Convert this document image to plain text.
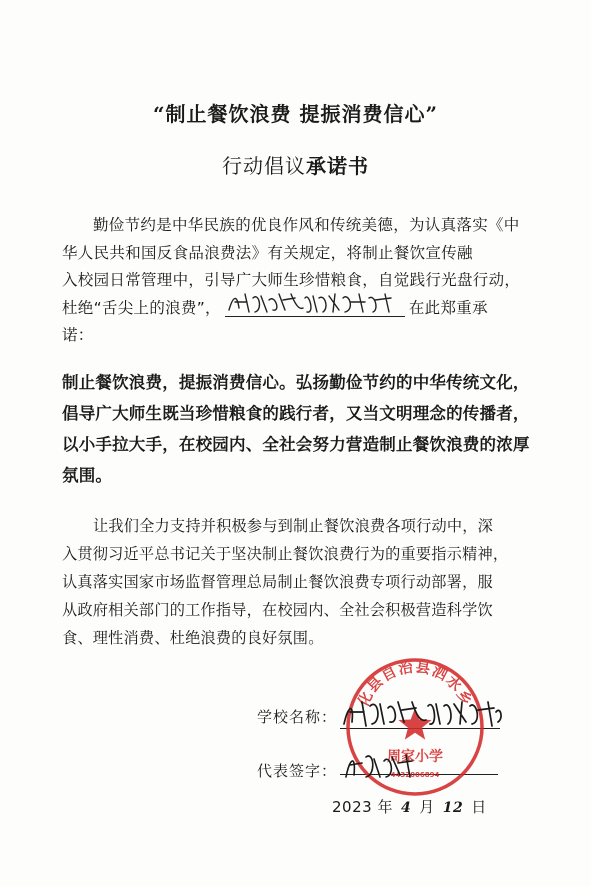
“制止餐饮浪费 提振消费信心”
行动倡议承诺书
勤俭节约是中华民族的优良作风和传统美德，为认真落实《中
华人民共和国反食品浪费法》有关规定，将制止餐饮宣传融
入校园日常管理中，引导广大师生珍惜粮食，自觉践行光盘行动，
杜绝“舌尖上的浪费”，	在此郑重承
诺：
制止餐饮浪费，提振消费信心。弘扬勤俭节约的中华传统文化，
倡导广大师生既当珍惜粮食的践行者，又当文明理念的传播者，
以小手拉大手，在校园内、全社会努力营造制止餐饮浪费的浓厚
氛围。
让我们全力支持并积极参与到制止餐饮浪费各项行动中，深
入贯彻习近平总书记关于坚决制止餐饮浪费行为的重要指示精神，
认真落实国家市场监督管理总局制止餐饮浪费专项行动部署，服
从政府相关部门的工作指导，在校园内、全社会积极营造科学饮
食、理性消费、杜绝浪费的良好氛围。
学校名称：
代表签字：
化县自治县泗水乡
周家小学
4432006894
2023 年 4 月 12 日
